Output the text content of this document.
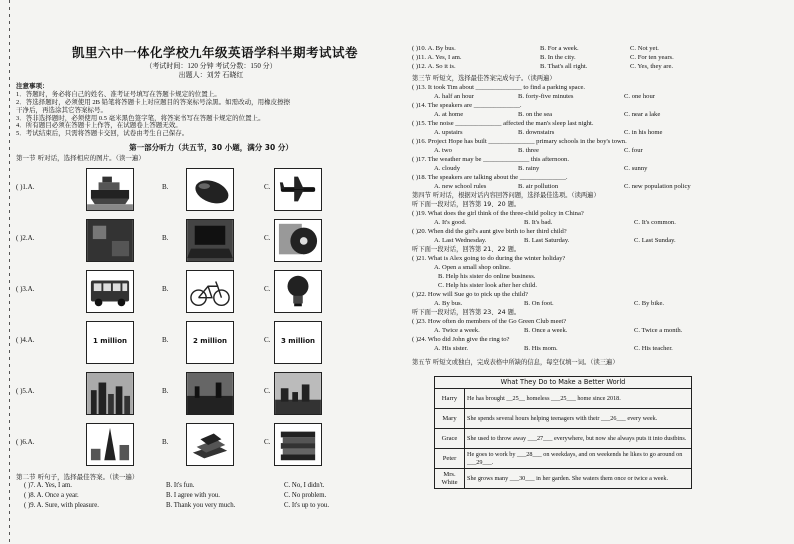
凯里六中一体化学校九年级英语学科半期考试试卷
（考试时间：120 分钟 考试分数：150 分）
出题人：刘芳 石晓红
注意事项：
1．答题时，务必将自己的姓名、准考证号填写在答题卡规定的位置上。
2．答选择题时，必须使用 2B 铅笔将答题卡上对应题目的答案标号涂黑。如需改动，用橡皮擦擦
干净后，再选涂其它答案标号。
3．答非选择题时，必须使用 0.5 毫米黑色签字笔，将答案书写在答题卡规定的位置上。
4．所有题目必须在答题卡上作答，在试题卷上答题无效。
5．考试结束后，只需将答题卡交回，试卷由考生自己保存。
第一部分听力（共五节，30 小题，满分 30 分）
第一节 听对话，选择相应的图片。（读一遍）
( )1.A.	B.	C.
( )2.A.	B.	C.
( )3.A.	B.	C.
( )4.A.	1 million	B.	2 million	C.	3 million
( )5.A.	B.	C.
( )6.A.	B.	C.
第二节 听句子，选择最佳答案。（读一遍）
( )7. A. Yes, I am.	B. It's fun.	C. No, I didn't.
( )8. A. Once a year.	B. I agree with you.	C. No problem.
( )9. A. Sure, with pleasure.	B. Thank you very much.	C. It's up to you.
( )10. A. By bus.	B. For a week.	C. Not yet.
( )11. A. Yes, I am.	B. In the city.	C. For ten years.
( )12. A. So it is.	B. That's all right.	C. Yes, they are.
第三节 听短文，选择最佳答案完成句子。（读两遍）
( )13. It took Tim about ______________ to find a parking space.
A. half an hour	B. forty-five minutes	C. one hour
( )14. The speakers are ______________.
A. at home	B. on the sea	C. near a lake
( )15. The noise ______________ affected the man's sleep last night.
A. upstairs	B. downstairs	C. in his home
( )16. Project Hope has built ______________ primary schools in the boy's town.
A. two	B. three	C. four
( )17. The weather may be ______________ this afternoon.
A. cloudy	B. rainy	C. sunny
( )18. The speakers are talking about the ______________.
A. new school rules	B. air pollution	C. new population policy
第四节 听对话，根据对话内容回答问题，选择最佳选项。（读两遍）
听下面一段对话，回答第 19、20 题。
( )19. What does the girl think of the three-child policy in China?
A. It's good.	B. It's bad.	C. It's common.
( )20. When did the girl's aunt give birth to her third child?
A. Last Wednesday.	B. Last Saturday.	C. Last Sunday.
听下面一段对话，回答第 21、22 题。
( )21. What is Alex going to do during the winter holiday?
A. Open a small shop online.
B. Help his sister do online business.
C. Help his sister look after her child.
( )22. How will Sue go to pick up the child?
A. By bus.	B. On foot.	C. By bike.
听下面一段对话，回答第 23、24 题。
( )23. How often do members of the Go Green Club meet?
A. Twice a week.	B. Once a week.	C. Twice a month.
( )24. Who did John give the ring to?
A. His sister.	B. His mom.	C. His teacher.
第五节 听短文或独白，完成表格中所缺的信息，每空仅填一词。（读三遍）
What They Do to Make a Better World	
Harry	He has brought __25__ homeless ___25___ home since 2018.
Mary	She spends several hours helping teenagers with their ___26___ every week.
Grace	She used to throw away ___27___ everywhere, but now she always puts it into dustbins.
Peter	He goes to work by ___28___ on weekdays, and on weekends he likes to go around on ___29___.
Mrs. White	She grows many ___30___ in her garden. She waters them once or twice a week.
